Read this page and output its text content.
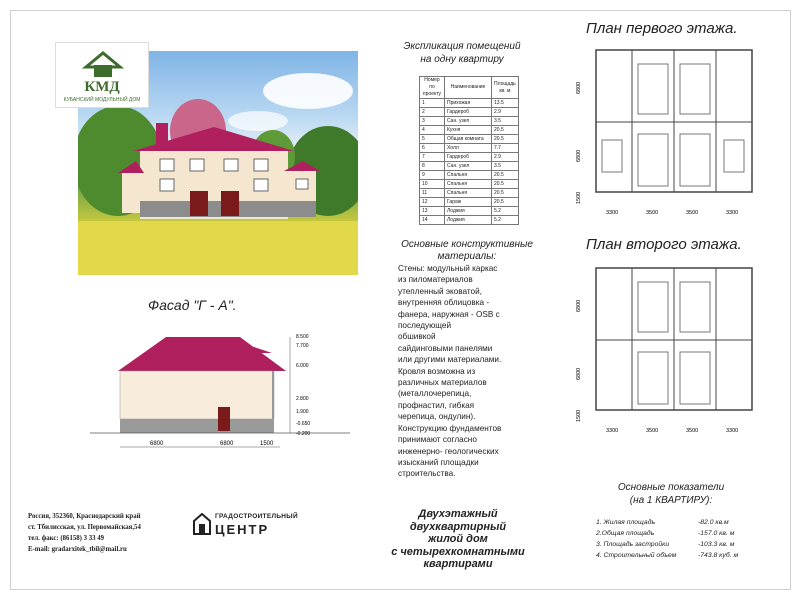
КМД
КУБАНСКИЙ МОДУЛЬНЫЙ ДОМ
Фасад "Г - А".
6800	6800	1500
8.500
7.700
6.000
2.800
1.900
-0.650
-0.200
Экспликация помещений
на одну квартиру
Номер по проекту	Наименование	Площадь кв. м
1	Прихожая	13.5
2	Гардероб	2.9
3	Сан. узел	3.5
4	Кухня	20.5
5	Общая комната	20.5
6	Холл	7.7
7	Гардероб	2.9
8	Сан. узел	3.5
9	Спальня	20.5
10	Спальня	20.5
11	Спальня	20.5
12	Гараж	20.5
13	Лоджия	5.2
14	Лоджия	5.2
Основные конструктивные
материалы:
Стены: модульный каркас
из пиломатериалов
утепленный эковатой,
внутренняя облицовка -
фанера, наружная - OSB с
последующей
обшивкой
сайдинговыми панелями
или другими материалами.
Кровля возможна из
различных материалов
(металлочерепица,
профнастил, гибкая
черепица, ондулин).
Конструкцию фундаментов
принимают согласно
инженерно- геологических
изысканий площадки
строительства.
План первого этажа.
План второго этажа.
3300	3500	3500	3300
6800
6800
1500
3300	3500	3500	3300
6800
6800
1500
Россия, 352360, Краснодарский край
ст. Тбилисская, ул. Первомайская,54
тел. факс: (86158) 3 33 49
E-mail: gradarxitek_tbil@mail.ru
ГРАДОСТРОИТЕЛЬНЫЙ
ЦЕНТР
Двухэтажный
двухквартирный
жилой дом
с четырехкомнатными
квартирами
Основные показатели
(на 1 КВАРТИРУ):
1. Жилая площадь	-82.0 кв.м
2.Общая площадь	-157.0 кв. м
3. Площадь застройки	-103.3 кв. м
4. Строительный объем	-743.8 куб. м
